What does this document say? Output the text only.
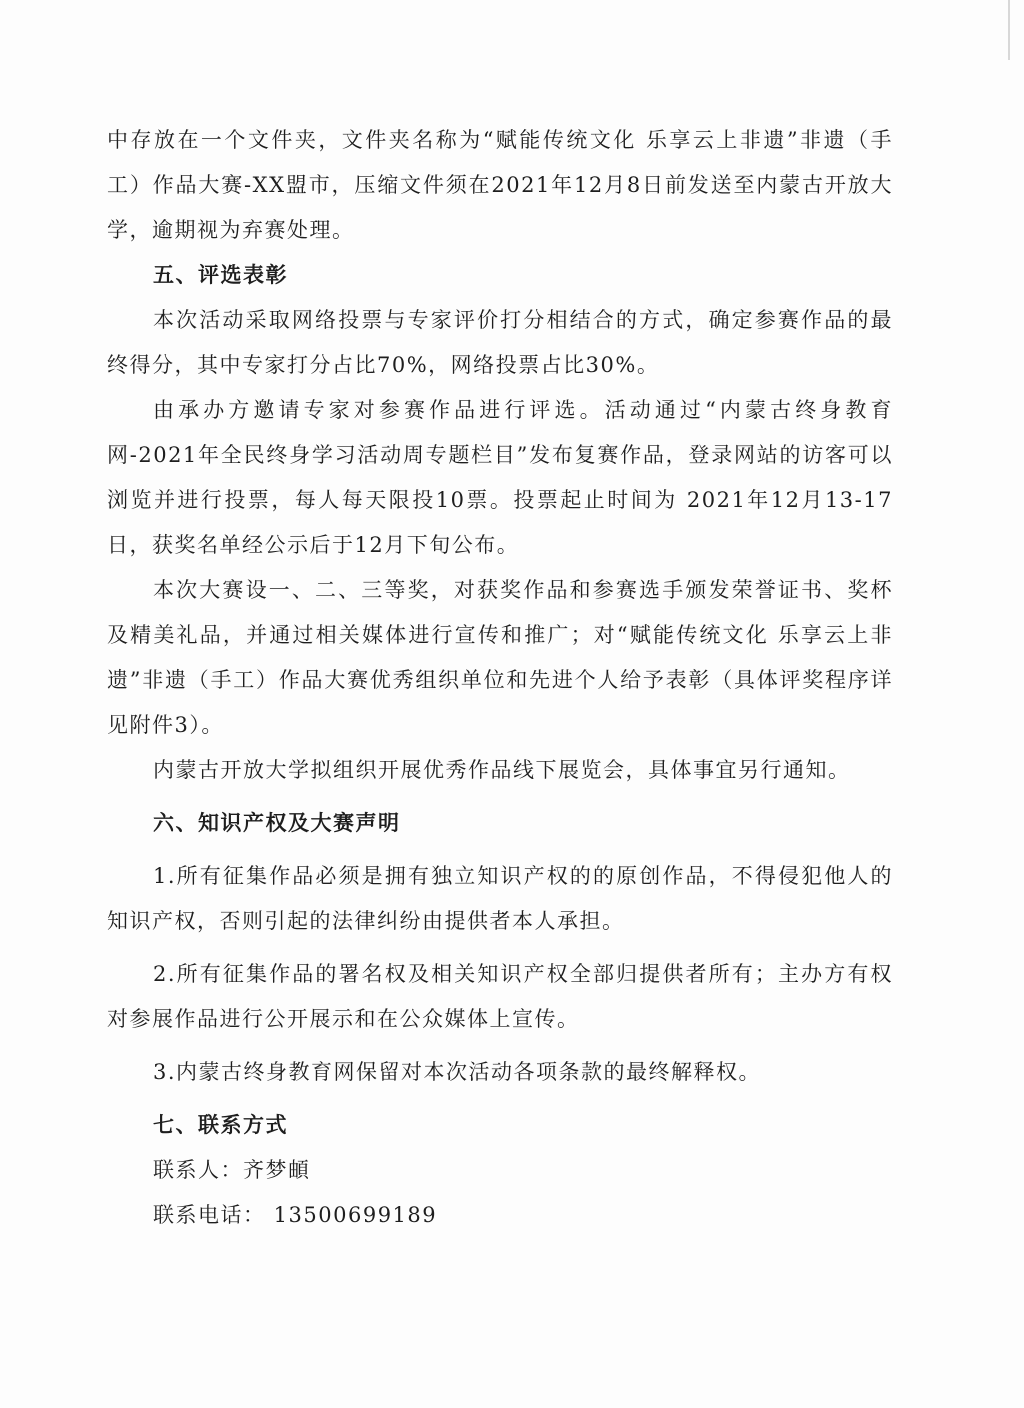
中存放在一个文件夹，文件夹名称为“赋能传统文化 乐享云上非遗”非遗（手工）作品大赛-XX盟市，压缩文件须在2021年12月8日前发送至内蒙古开放大学，逾期视为弃赛处理。

五、评选表彰

本次活动采取网络投票与专家评价打分相结合的方式，确定参赛作品的最终得分，其中专家打分占比70%，网络投票占比30%。

由承办方邀请专家对参赛作品进行评选。活动通过“内蒙古终身教育网-2021年全民终身学习活动周专题栏目”发布复赛作品，登录网站的访客可以浏览并进行投票，每人每天限投10票。投票起止时间为 2021年12月13-17日，获奖名单经公示后于12月下旬公布。

本次大赛设一、二、三等奖，对获奖作品和参赛选手颁发荣誉证书、奖杯及精美礼品，并通过相关媒体进行宣传和推广；对“赋能传统文化 乐享云上非遗”非遗（手工）作品大赛优秀组织单位和先进个人给予表彰（具体评奖程序详见附件3）。

内蒙古开放大学拟组织开展优秀作品线下展览会，具体事宜另行通知。

六、知识产权及大赛声明

1.所有征集作品必须是拥有独立知识产权的的原创作品，不得侵犯他人的知识产权，否则引起的法律纠纷由提供者本人承担。

2.所有征集作品的署名权及相关知识产权全部归提供者所有；主办方有权对参展作品进行公开展示和在公众媒体上宣传。

3.内蒙古终身教育网保留对本次活动各项条款的最终解释权。

七、联系方式

联系人：齐梦頔

联系电话： 13500699189
